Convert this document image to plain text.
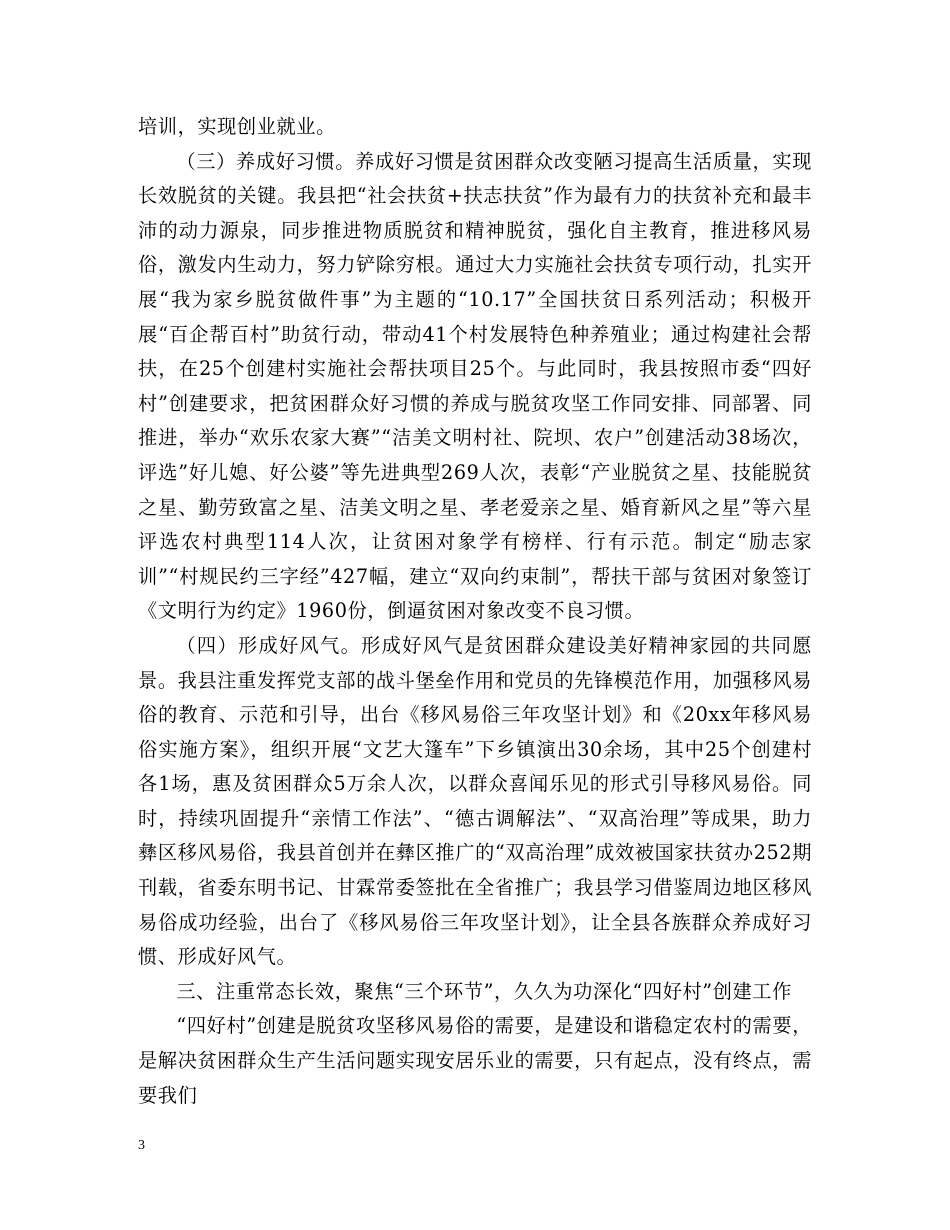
培训，实现创业就业。

（三）养成好习惯。养成好习惯是贫困群众改变陋习提高生活质量，实现长效脱贫的关键。我县把“社会扶贫+扶志扶贫”作为最有力的扶贫补充和最丰沛的动力源泉，同步推进物质脱贫和精神脱贫，强化自主教育，推进移风易俗，激发内生动力，努力铲除穷根。通过大力实施社会扶贫专项行动，扎实开展“我为家乡脱贫做件事”为主题的“10.17”全国扶贫日系列活动；积极开展“百企帮百村”助贫行动，带动41个村发展特色种养殖业；通过构建社会帮扶，在25个创建村实施社会帮扶项目25个。与此同时，我县按照市委“四好村”创建要求，把贫困群众好习惯的养成与脱贫攻坚工作同安排、同部署、同推进，举办“欢乐农家大赛”“洁美文明村社、院坝、农户”创建活动38场次，评选”好儿媳、好公婆”等先进典型269人次，表彰“产业脱贫之星、技能脱贫之星、勤劳致富之星、洁美文明之星、孝老爱亲之星、婚育新风之星”等六星评选农村典型114人次，让贫困对象学有榜样、行有示范。制定“励志家训”“村规民约三字经”427幅，建立“双向约束制”，帮扶干部与贫困对象签订《文明行为约定》1960份，倒逼贫困对象改变不良习惯。

（四）形成好风气。形成好风气是贫困群众建设美好精神家园的共同愿景。我县注重发挥党支部的战斗堡垒作用和党员的先锋模范作用，加强移风易俗的教育、示范和引导，出台《移风易俗三年攻坚计划》和《20xx年移风易俗实施方案》，组织开展“文艺大篷车”下乡镇演出30余场，其中25个创建村各1场，惠及贫困群众5万余人次，以群众喜闻乐见的形式引导移风易俗。同时，持续巩固提升“亲情工作法”、“德古调解法”、“双高治理”等成果，助力彝区移风易俗，我县首创并在彝区推广的“双高治理”成效被国家扶贫办252期刊载，省委东明书记、甘霖常委签批在全省推广；我县学习借鉴周边地区移风易俗成功经验，出台了《移风易俗三年攻坚计划》，让全县各族群众养成好习惯、形成好风气。

三、注重常态长效，聚焦“三个环节”，久久为功深化“四好村”创建工作

“四好村”创建是脱贫攻坚移风易俗的需要，是建设和谐稳定农村的需要，是解决贫困群众生产生活问题实现安居乐业的需要，只有起点，没有终点，需要我们

3
